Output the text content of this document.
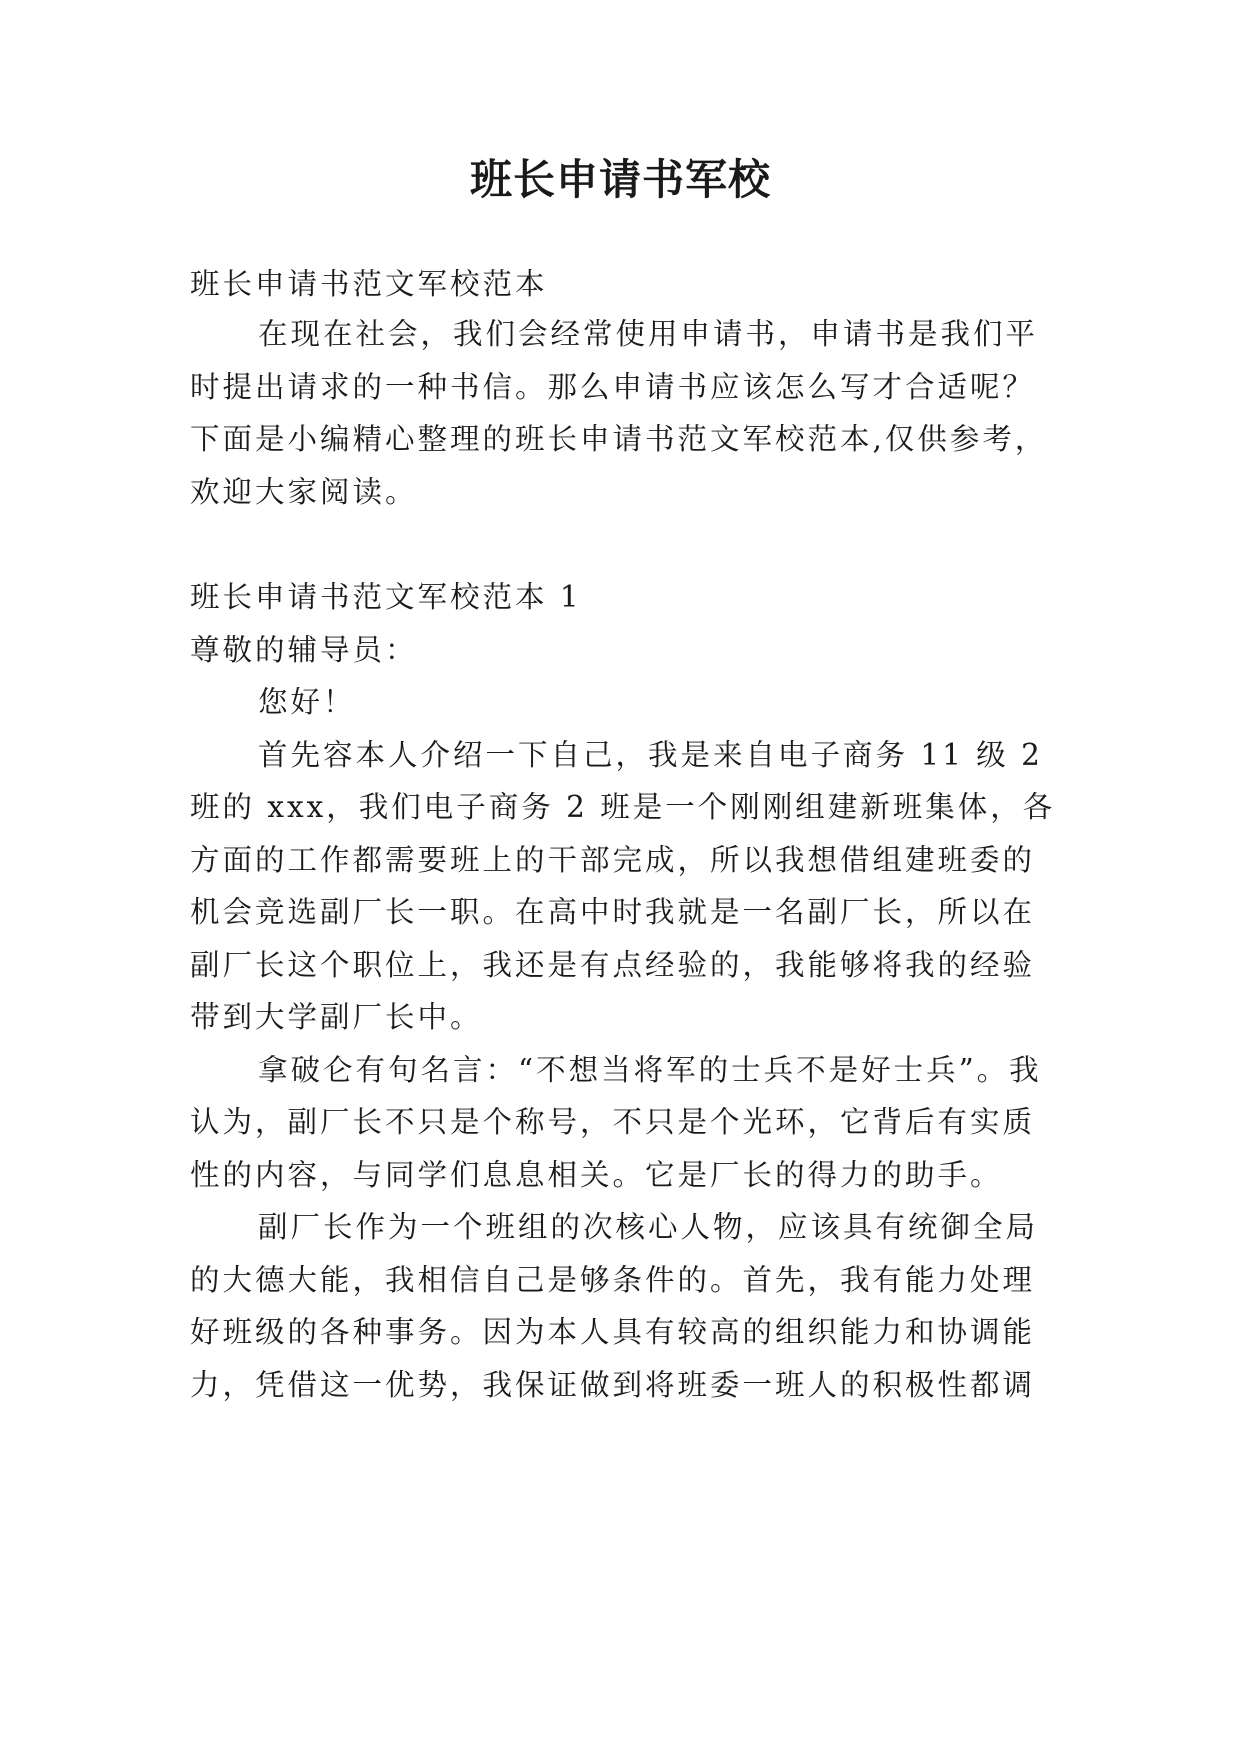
班长申请书军校
班长申请书范文军校范本
在现在社会，我们会经常使用申请书，申请书是我们平
时提出请求的一种书信。那么申请书应该怎么写才合适呢？
下面是小编精心整理的班长申请书范文军校范本,仅供参考，
欢迎大家阅读。
班长申请书范文军校范本 1
尊敬的辅导员：
您好！
首先容本人介绍一下自己，我是来自电子商务 11 级 2
班的 xxx，我们电子商务 2 班是一个刚刚组建新班集体，各
方面的工作都需要班上的干部完成，所以我想借组建班委的
机会竞选副厂长一职。在高中时我就是一名副厂长，所以在
副厂长这个职位上，我还是有点经验的，我能够将我的经验
带到大学副厂长中。
拿破仑有句名言：“不想当将军的士兵不是好士兵”。我
认为，副厂长不只是个称号，不只是个光环，它背后有实质
性的内容，与同学们息息相关。它是厂长的得力的助手。
副厂长作为一个班组的次核心人物，应该具有统御全局
的大德大能，我相信自己是够条件的。首先，我有能力处理
好班级的各种事务。因为本人具有较高的组织能力和协调能
力，凭借这一优势，我保证做到将班委一班人的积极性都调
